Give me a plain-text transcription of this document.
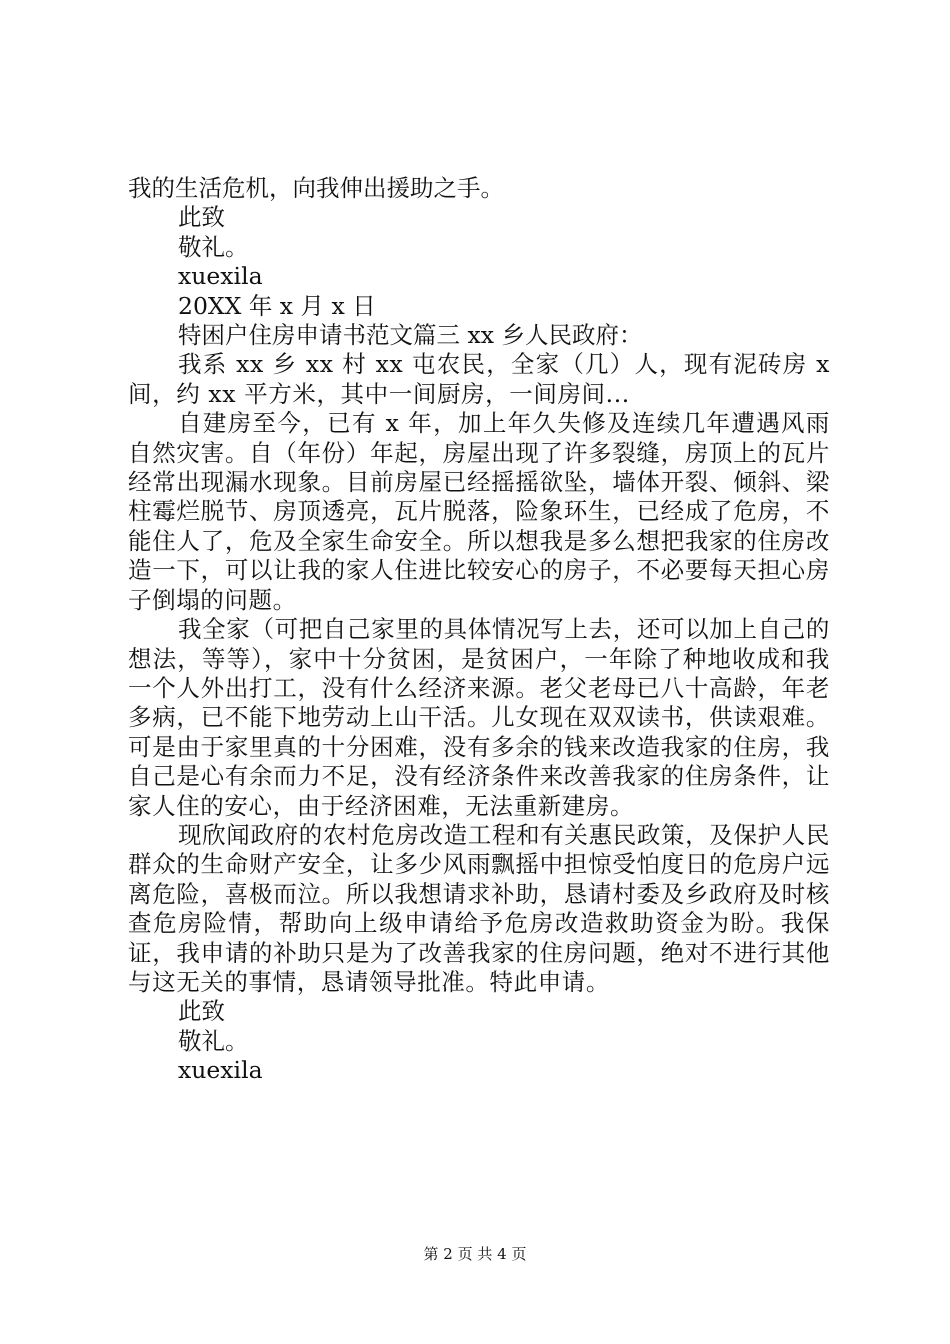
我的生活危机，向我伸出援助之手。

此致

敬礼。

xuexila

20XX 年 x 月 x 日

特困户住房申请书范文篇三 xx 乡人民政府：

我系 xx 乡 xx 村 xx 屯农民，全家（几）人，现有泥砖房 x 间，约 xx 平方米，其中一间厨房，一间房间...

自建房至今，已有 x 年，加上年久失修及连续几年遭遇风雨自然灾害。自（年份）年起，房屋出现了许多裂缝，房顶上的瓦片经常出现漏水现象。目前房屋已经摇摇欲坠，墙体开裂、倾斜、梁柱霉烂脱节、房顶透亮，瓦片脱落，险象环生，已经成了危房，不能住人了，危及全家生命安全。所以想我是多么想把我家的住房改造一下，可以让我的家人住进比较安心的房子，不必要每天担心房子倒塌的问题。

我全家（可把自己家里的具体情况写上去，还可以加上自己的想法，等等），家中十分贫困，是贫困户，一年除了种地收成和我一个人外出打工，没有什么经济来源。老父老母已八十高龄，年老多病，已不能下地劳动上山干活。儿女现在双双读书，供读艰难。可是由于家里真的十分困难，没有多余的钱来改造我家的住房，我自己是心有余而力不足，没有经济条件来改善我家的住房条件，让家人住的安心，由于经济困难，无法重新建房。

现欣闻政府的农村危房改造工程和有关惠民政策，及保护人民群众的生命财产安全，让多少风雨飘摇中担惊受怕度日的危房户远离危险，喜极而泣。所以我想请求补助，恳请村委及乡政府及时核查危房险情，帮助向上级申请给予危房改造救助资金为盼。我保证，我申请的补助只是为了改善我家的住房问题，绝对不进行其他与这无关的事情，恳请领导批准。特此申请。

此致

敬礼。

xuexila

第 2 页 共 4 页
